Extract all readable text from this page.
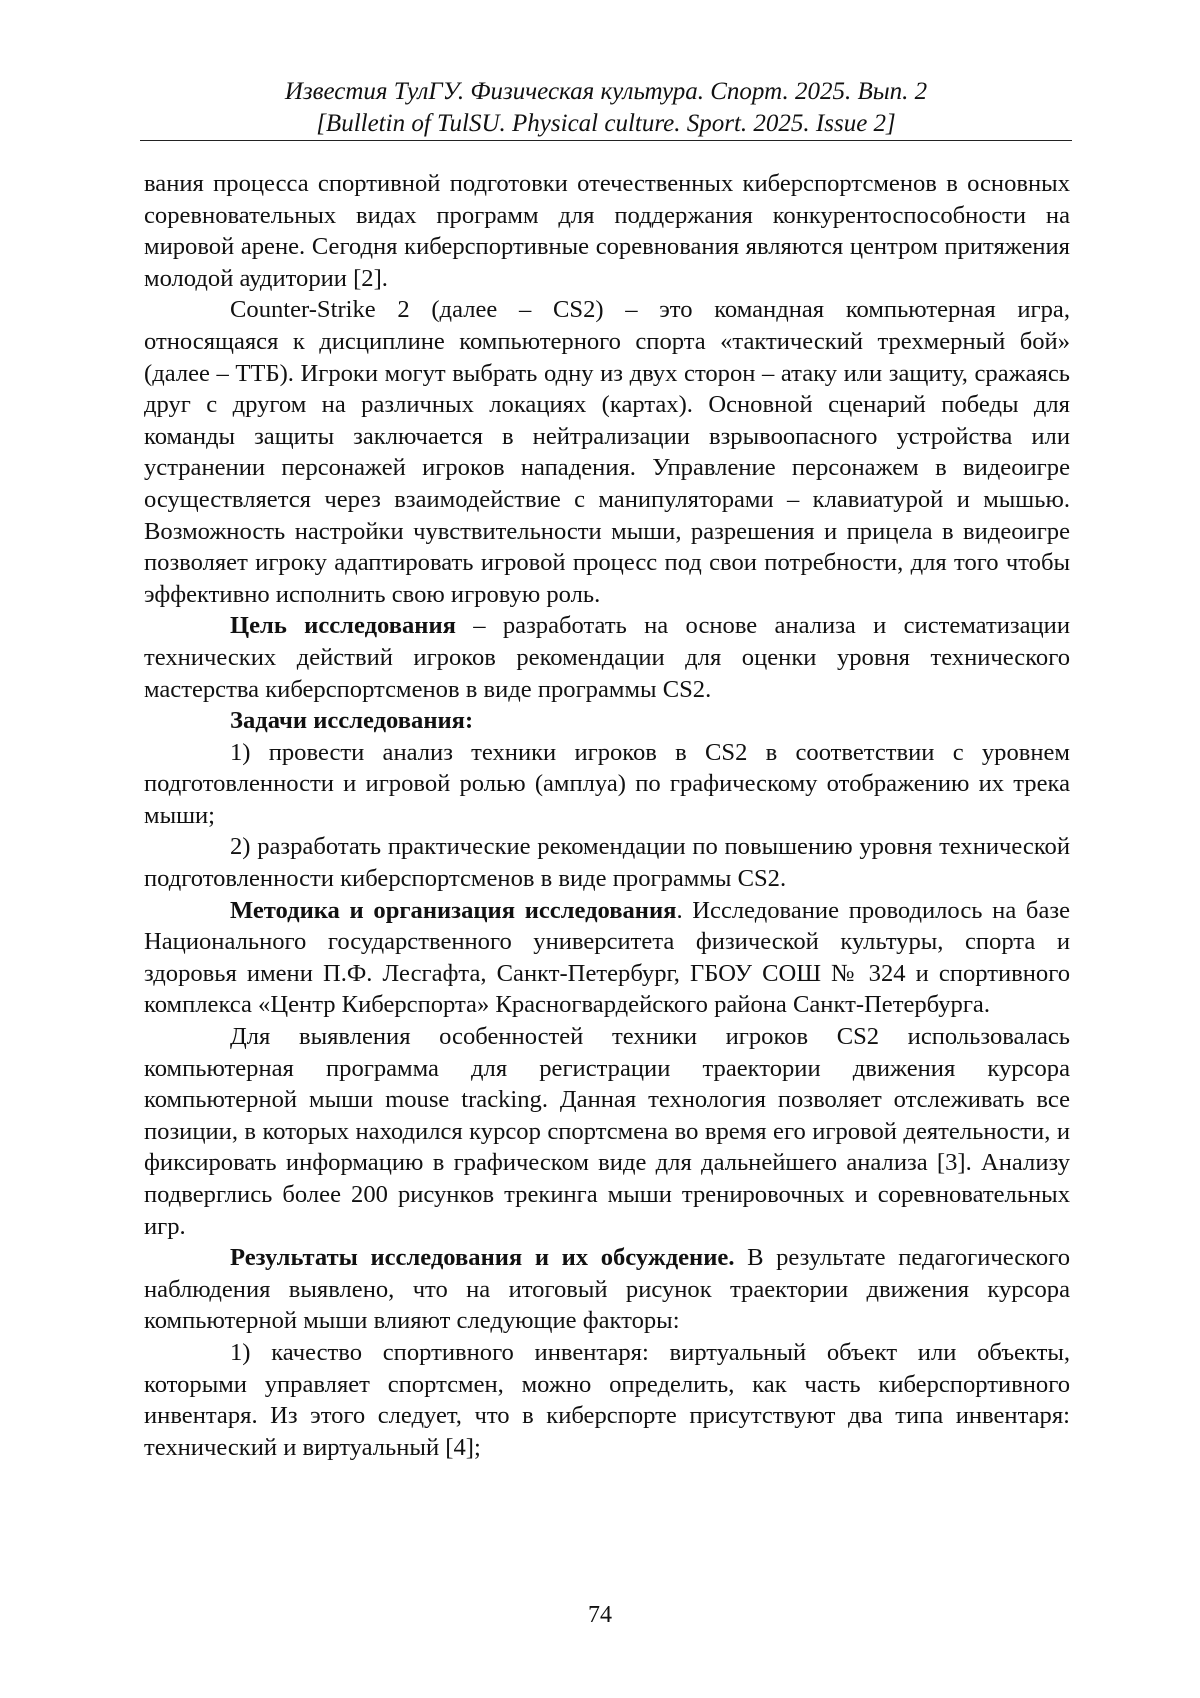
Известия ТулГУ. Физическая культура. Спорт. 2025. Вып. 2
[Bulletin of TulSU. Physical culture. Sport. 2025. Issue 2]

вания процесса спортивной подготовки отечественных киберспортсменов в основных соревновательных видах программ для поддержания конкурентоспособности на мировой арене. Сегодня киберспортивные соревнования являются центром притяжения молодой аудитории [2].

Counter-Strike 2 (далее – CS2) – это командная компьютерная игра, относящаяся к дисциплине компьютерного спорта «тактический трехмерный бой» (далее – ТТБ). Игроки могут выбрать одну из двух сторон – атаку или защиту, сражаясь друг с другом на различных локациях (картах). Основной сценарий победы для команды защиты заключается в нейтрализации взрывоопасного устройства или устранении персонажей игроков нападения. Управление персонажем в видеоигре осуществляется через взаимодействие с манипуляторами – клавиатурой и мышью. Возможность настройки чувствительности мыши, разрешения и прицела в видеоигре позволяет игроку адаптировать игровой процесс под свои потребности, для того чтобы эффективно исполнить свою игровую роль.

Цель исследования – разработать на основе анализа и систематизации технических действий игроков рекомендации для оценки уровня технического мастерства киберспортсменов в виде программы CS2.

Задачи исследования:

1) провести анализ техники игроков в CS2 в соответствии с уровнем подготовленности и игровой ролью (амплуа) по графическому отображению их трека мыши;

2) разработать практические рекомендации по повышению уровня технической подготовленности киберспортсменов в виде программы CS2.

Методика и организация исследования. Исследование проводилось на базе Национального государственного университета физической культуры, спорта и здоровья имени П.Ф. Лесгафта, Санкт-Петербург, ГБОУ СОШ № 324 и спортивного комплекса «Центр Киберспорта» Красногвардейского района Санкт-Петербурга.

Для выявления особенностей техники игроков CS2 использовалась компьютерная программа для регистрации траектории движения курсора компьютерной мыши mouse tracking. Данная технология позволяет отслеживать все позиции, в которых находился курсор спортсмена во время его игровой деятельности, и фиксировать информацию в графическом виде для дальнейшего анализа [3]. Анализу подверглись более 200 рисунков трекинга мыши тренировочных и соревновательных игр.

Результаты исследования и их обсуждение. В результате педагогического наблюдения выявлено, что на итоговый рисунок траектории движения курсора компьютерной мыши влияют следующие факторы:

1) качество спортивного инвентаря: виртуальный объект или объекты, которыми управляет спортсмен, можно определить, как часть киберспортивного инвентаря. Из этого следует, что в киберспорте присутствуют два типа инвентаря: технический и виртуальный [4];

74
